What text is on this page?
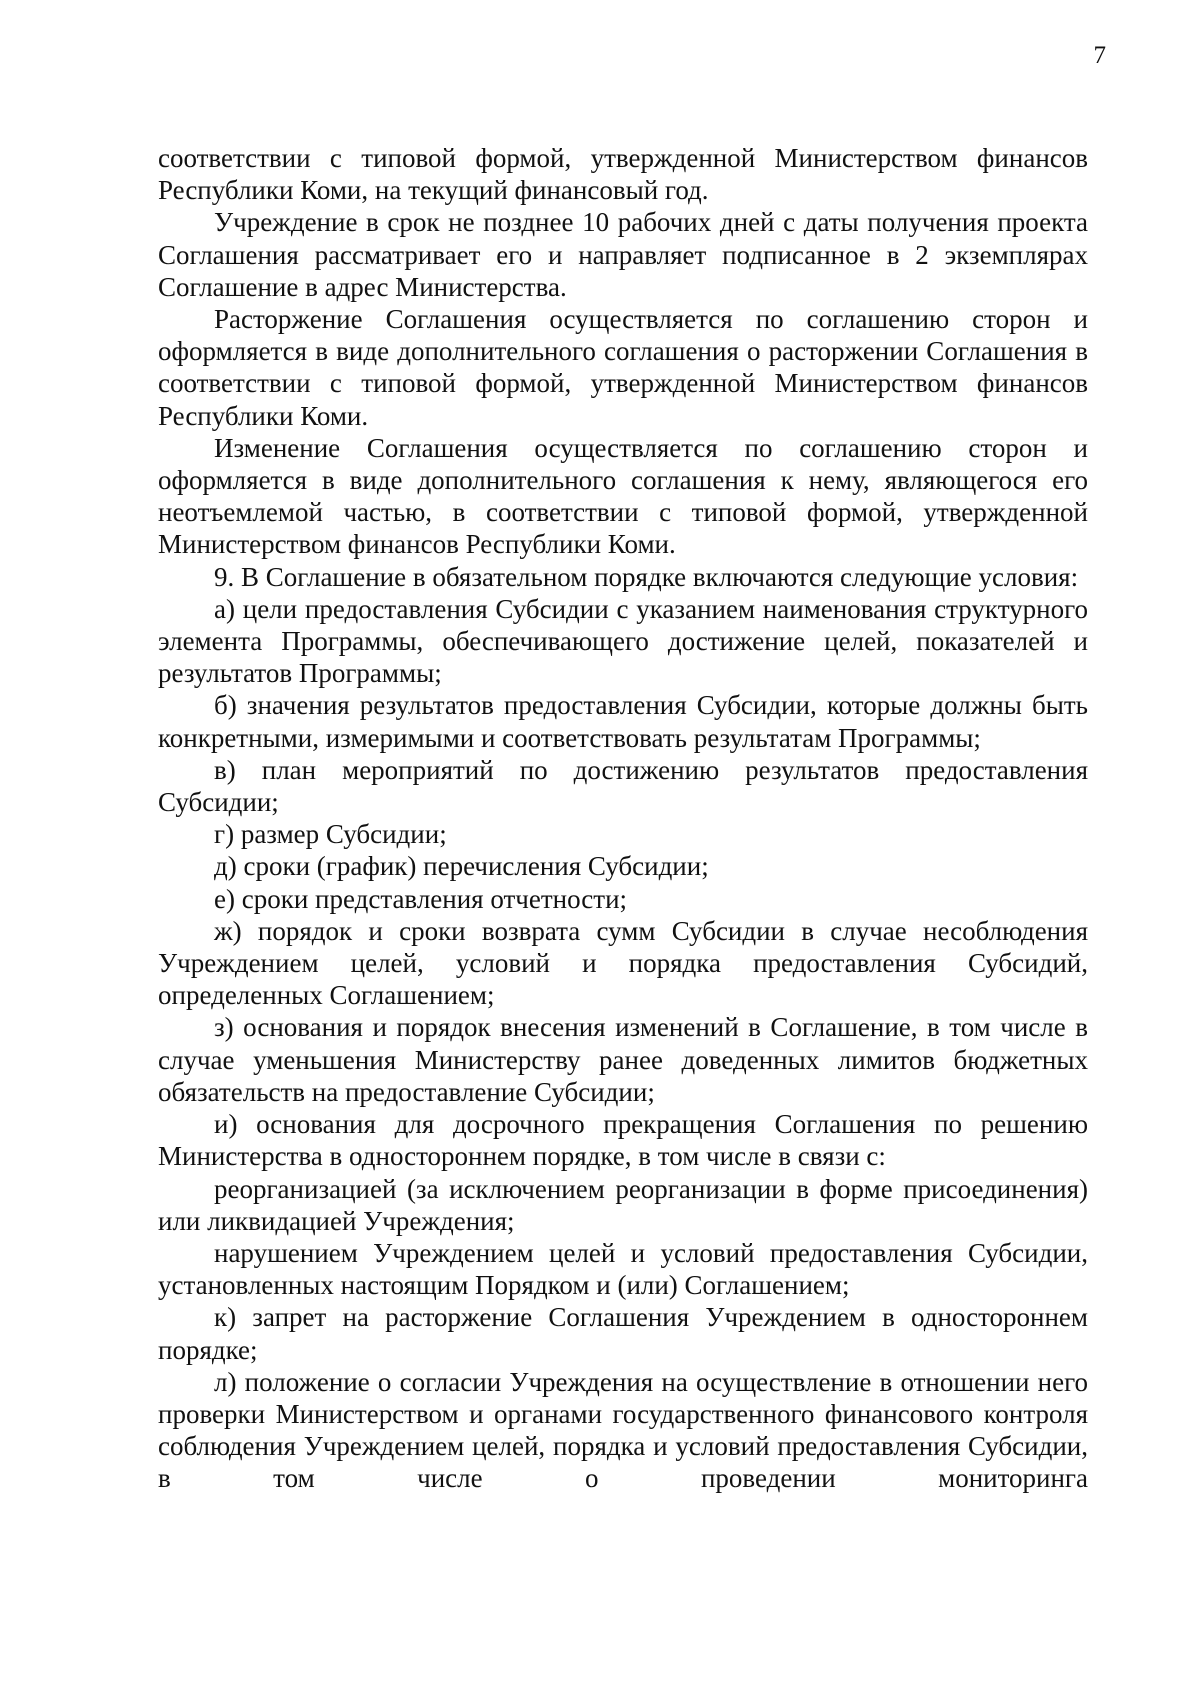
7

соответствии с типовой формой, утвержденной Министерством финансов Республики Коми, на текущий финансовый год.

Учреждение в срок не позднее 10 рабочих дней с даты получения проекта Соглашения рассматривает его и направляет подписанное в 2 экземплярах Соглашение в адрес Министерства.

Расторжение Соглашения осуществляется по соглашению сторон и оформляется в виде дополнительного соглашения о расторжении Соглашения в соответствии с типовой формой, утвержденной Министерством финансов Республики Коми.

Изменение Соглашения осуществляется по соглашению сторон и оформляется в виде дополнительного соглашения к нему, являющегося его неотъемлемой частью, в соответствии с типовой формой, утвержденной Министерством финансов Республики Коми.

9. В Соглашение в обязательном порядке включаются следующие условия:

а) цели предоставления Субсидии с указанием наименования структурного элемента Программы, обеспечивающего достижение целей, показателей и результатов Программы;

б) значения результатов предоставления Субсидии, которые должны быть конкретными, измеримыми и соответствовать результатам Программы;

в) план мероприятий по достижению результатов предоставления Субсидии;

г) размер Субсидии;

д) сроки (график) перечисления Субсидии;

е) сроки представления отчетности;

ж) порядок и сроки возврата сумм Субсидии в случае несоблюдения Учреждением целей, условий и порядка предоставления Субсидий, определенных Соглашением;

з) основания и порядок внесения изменений в Соглашение, в том числе в случае уменьшения Министерству ранее доведенных лимитов бюджетных обязательств на предоставление Субсидии;

и) основания для досрочного прекращения Соглашения по решению Министерства в одностороннем порядке, в том числе в связи с:

реорганизацией (за исключением реорганизации в форме присоединения) или ликвидацией Учреждения;

нарушением Учреждением целей и условий предоставления Субсидии, установленных настоящим Порядком и (или) Соглашением;

к) запрет на расторжение Соглашения Учреждением в одностороннем порядке;

л) положение о согласии Учреждения на осуществление в отношении него проверки Министерством и органами государственного финансового контроля соблюдения Учреждением целей, порядка и условий предоставления Субсидии, в том числе о проведении мониторинга
